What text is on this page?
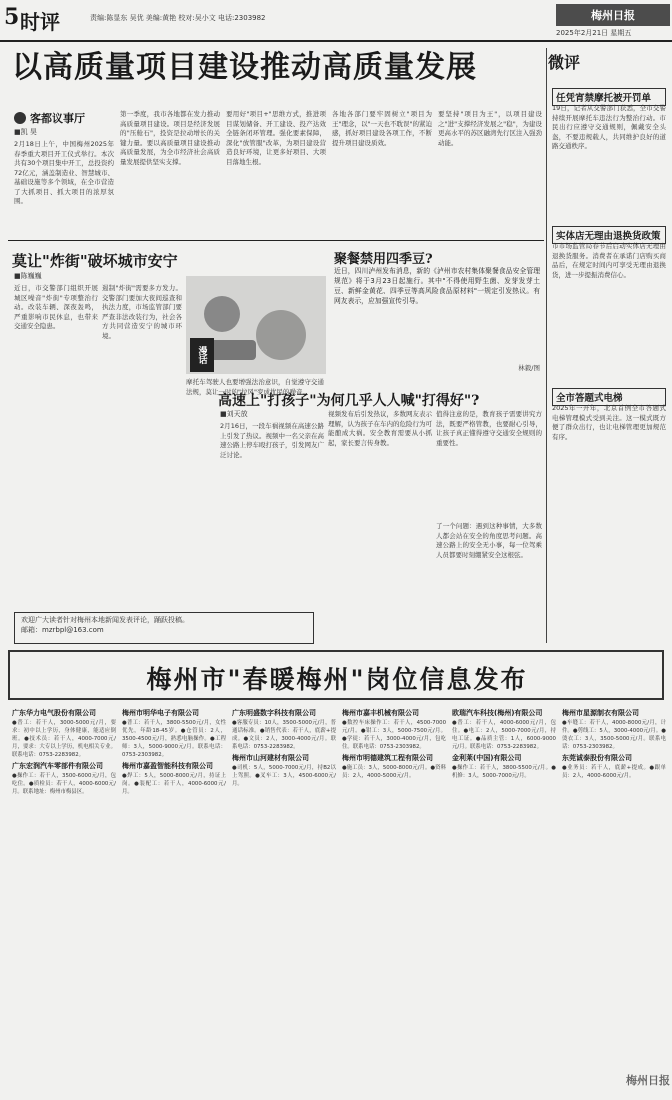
5 时评	责编:陈显东 吴优 美编:黄艳 校对:吴小文 电话:2303982	梅州日报
2025年2月21日 星期五
以高质量项目建设推动高质量发展
客都议事厅
■凯 昊
2月18日上午，中国梅州2025年春季重大项目开工仪式举行。本次共有30个项目集中开工，总投资约72亿元，涵盖制造业、智慧城市、基础设施等多个领域，在全市营造了大抓项目、抓大项目的浓厚氛围。
第一季度，我市各地都在发力推动高质量项目建设。项目是经济发展的"压舱石"，投资是拉动增长的关键力量。要以高质量项目建设推动高质量发展，为全市经济社会高质量发展提供坚实支撑。
要用好"项目+"思维方式，推进项目谋划储备、开工建设、投产达效全链条闭环管理。强化要素保障，深化"放管服"改革，为项目建设营造良好环境，让更多好项目、大项目落地生根。
各地各部门要牢固树立"项目为王"理念，以"一天也不耽误"的紧迫感，抓好项目建设各项工作，不断提升项目建设质效。
要坚持"项目为王"，以项目建设之"进"支撑经济发展之"稳"，为建设更高水平的苏区融湾先行区注入强劲动能。
微评
任凭宵禁摩托被开罚单
19日，记者从交警部门获悉，全市交警持续开展摩托车违法行为整治行动。市民出行应遵守交通规则，佩戴安全头盔，不要违规载人，共同维护良好的道路交通秩序。
实体店无理由退换货政策
市市场监管局春节后启动实体店无理由退换货服务。消费者在承诺门店购买商品后，在规定时间内可享受无理由退换货，进一步提振消费信心。
全市答题式电梯
2025年一开年，北京首例全市答题式电梯管理模式受到关注。这一模式既方便了群众出行，也让电梯管理更加规范有序。
莫让"炸街"破坏城市安宁
■陈巍巍
近日，市交警部门组织开展城区噪音"炸街"专项整治行动。改装车辆、深夜轰鸣，严重影响市民休息，也带来交通安全隐患。
遏制"炸街"需要多方发力。交警部门要加大夜间巡查和执法力度，市场监管部门要严查非法改装行为，社会各方共同营造安宁的城市环境。
摩托车驾驶人也要增强法治意识，自觉遵守交通法规，莫让一时的"拉风"变成扰民的噪音。
欢迎广大读者针对梅州本地新闻发表评论，踊跃投稿。
邮箱：mzrbpl@163.com
漫话
聚餐禁用四季豆?
近日，四川泸州发布消息，新的《泸州市农村集体聚餐食品安全管理规范》将于3月23日起施行。其中"不得使用野生菌、发芽发芽土豆、新鲜金黄花、四季豆等高风险食品原材料"一规定引发热议。有网友表示，应加强宣传引导。
林毅/图
高速上"打孩子"为何几乎人人喊"打得好"?
■刘天放
2月16日，一段车祸视频在高速公路上引发了热议。视频中一名父亲在高速公路上停车殴打孩子，引发网友广泛讨论。
视频发布后引发热议，多数网友表示理解，认为孩子在车内的危险行为可能酿成大祸。安全教育需要从小抓起，家长要言传身教。
值得注意的是，教育孩子需要讲究方法，既要严格管教，也要耐心引导，让孩子真正懂得遵守交通安全规则的重要性。
了一个问题：遇到这种事情，大多数人都会站在安全的角度思考问题。高速公路上的安全无小事，每一位驾乘人员都要时刻绷紧安全这根弦。
梅州市"春暖梅州"岗位信息发布
广东华力电气股份有限公司

●普工：若干人，3000-5000元/月，要求：初中以上学历，身体健康，能适应倒班。●技术员：若干人，4000-7000元/月，要求：大专以上学历，机电相关专业。联系电话：0753-2283982。

广东宏润汽车零部件有限公司

●操作工：若干人，3500-6000元/月，包吃住。●质检员：若干人，4000-6000元/月。联系地址：梅州市梅县区。

梅州市明华电子有限公司

●普工：若干人，3800-5500元/月，女性优先，年龄18-45岁。●仓管员：2人，3500-4500元/月，熟悉电脑操作。●工程师：3人，5000-9000元/月。联系电话：0753-2303982。

梅州市嘉盈智能科技有限公司

●焊工：5人，5000-8000元/月，持证上岗。●装配工：若干人，4000-6000元/月。

广东明盛数字科技有限公司

●客服专员：10人，3500-5000元/月，普通话标准。●销售代表：若干人，底薪+提成。●文员：2人，3000-4000元/月。联系电话：0753-2283982。

梅州市山河建材有限公司

●司机：5人，5000-7000元/月，持B2以上驾照。●叉车工：3人，4500-6000元/月。

梅州市嘉丰机械有限公司

●数控车床操作工：若干人，4500-7000元/月。●钳工：3人，5000-7500元/月。●学徒：若干人，3000-4000元/月，包吃住。联系电话：0753-2303982。

梅州市明德建筑工程有限公司

●施工员：3人，5000-8000元/月。●资料员：2人，4000-5000元/月。

欧瑞汽车科技(梅州)有限公司

●普工：若干人，4000-6000元/月，包住。●电工：2人，5000-7000元/月，持电工证。●品质主管：1人，6000-9000元/月。联系电话：0753-2283982。

金利莱(中国)有限公司

●操作工：若干人，3800-5500元/月。●机修：3人，5000-7000元/月。

梅州市星源制衣有限公司

●车缝工：若干人，4000-8000元/月，计件。●剪线工：5人，3000-4000元/月。●烫衣工：3人，3500-5000元/月。联系电话：0753-2303982。

东莞诚泰股份有限公司

●业务员：若干人，底薪+提成。●跟单员：2人，4000-6000元/月。

梅州日报
